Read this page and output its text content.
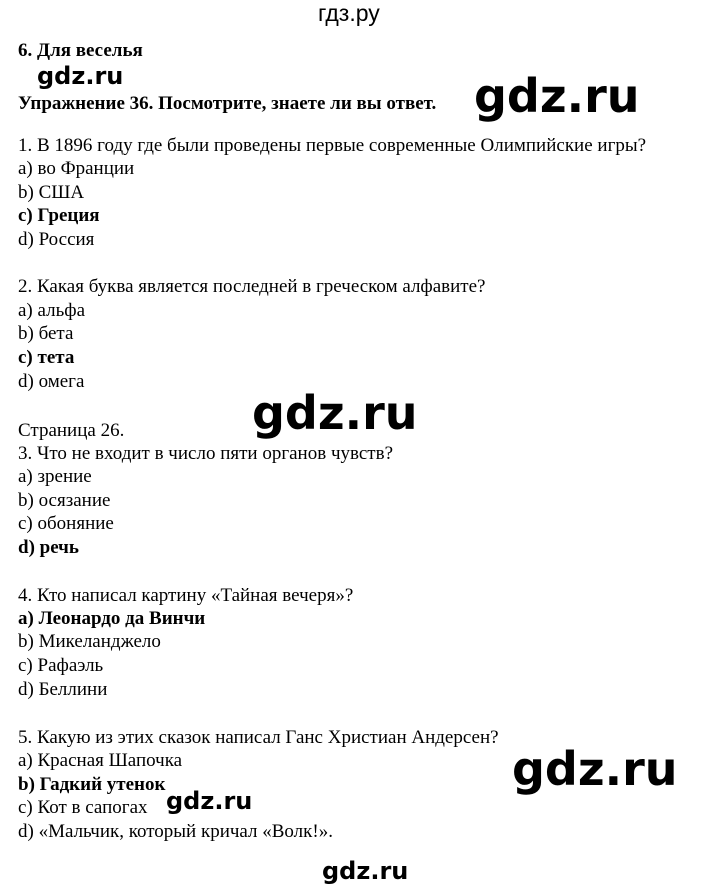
гдз.ру
6. Для веселья
gdz.ru
Упражнение 36. Посмотрите, знаете ли вы ответ. gdz.ru
1. В 1896 году где были проведены первые современные Олимпийские игры?
a) во Франции
b) США
c) Греция
d) Россия
2. Какая буква является последней в греческом алфавите?
a) альфа
b) бета
c) тета
d) омега
gdz.ru
Страница 26.
3. Что не входит в число пяти органов чувств?
a) зрение
b) осязание
c) обоняние
d) речь
4. Кто написал картину «Тайная вечеря»?
a) Леонардо да Винчи
b) Микеланджело
c) Рафаэль
d) Беллини
5. Какую из этих сказок написал Ганс Христиан Андерсен?
a) Красная Шапочка
b) Гадкий утенок
c) Кот в сапогах
d) «Мальчик, который кричал «Волк!».
gdz.ru
gdz.ru
gdz.ru
